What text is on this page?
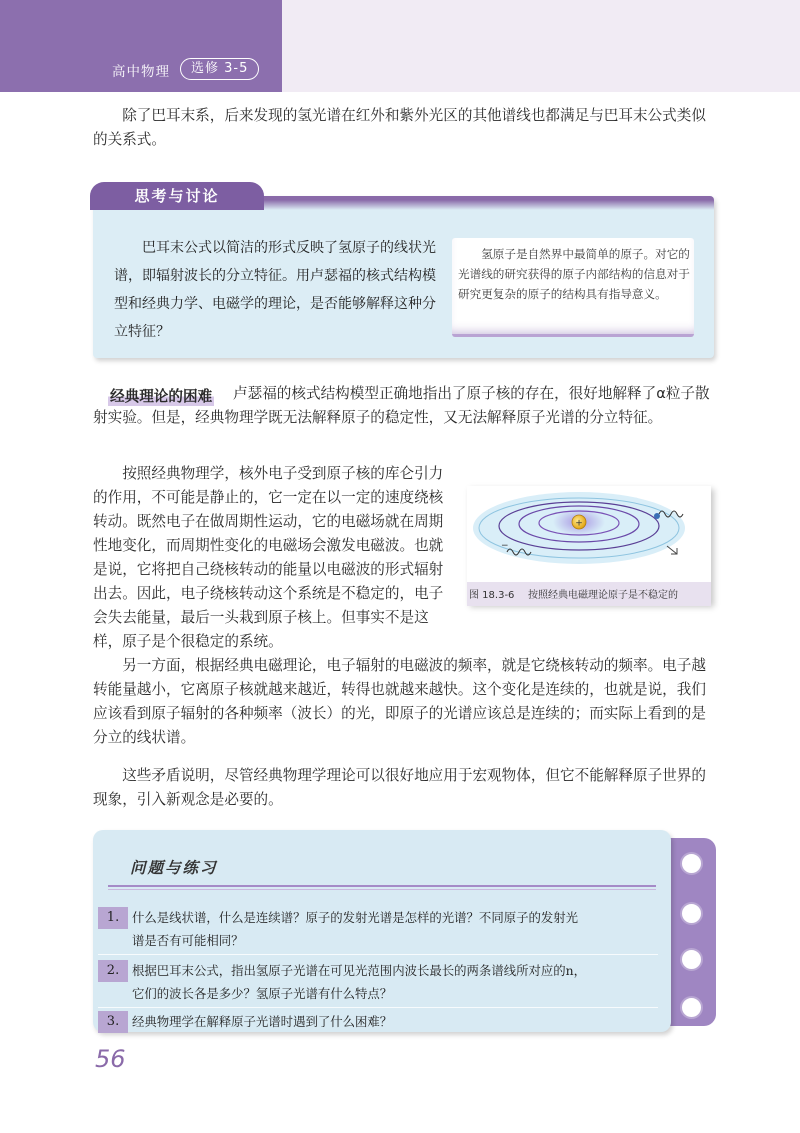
高中物理	选修 3-5
除了巴耳末系，后来发现的氢光谱在红外和紫外光区的其他谱线也都满足与巴耳末公式类似的关系式。
思考与讨论
巴耳末公式以简洁的形式反映了氢原子的线状光谱，即辐射波长的分立特征。用卢瑟福的核式结构模型和经典力学、电磁学的理论，是否能够解释这种分立特征？
氢原子是自然界中最简单的原子。对它的光谱线的研究获得的原子内部结构的信息对于研究更复杂的原子的结构具有指导意义。
卢瑟福的核式结构模型正确地指出了原子核的存在，很好地解释了α粒子散射实验。但是，经典物理学既无法解释原子的稳定性，又无法解释原子光谱的分立特征。
经典理论的困难
按照经典物理学，核外电子受到原子核的库仑引力的作用，不可能是静止的，它一定在以一定的速度绕核转动。既然电子在做周期性运动，它的电磁场就在周期性地变化，而周期性变化的电磁场会激发电磁波。也就是说，它将把自己绕核转动的能量以电磁波的形式辐射出去。因此，电子绕核转动这个系统是不稳定的，电子会失去能量，最后一头栽到原子核上。但事实不是这样，原子是个很稳定的系统。
+
−
图 18.3-6 按照经典电磁理论原子是不稳定的
另一方面，根据经典电磁理论，电子辐射的电磁波的频率，就是它绕核转动的频率。电子越转能量越小，它离原子核就越来越近，转得也就越来越快。这个变化是连续的，也就是说，我们应该看到原子辐射的各种频率（波长）的光，即原子的光谱应该总是连续的；而实际上看到的是分立的线状谱。
这些矛盾说明，尽管经典物理学理论可以很好地应用于宏观物体，但它不能解释原子世界的现象，引入新观念是必要的。
问题与练习
1.	什么是线状谱，什么是连续谱？原子的发射光谱是怎样的光谱？不同原子的发射光
谱是否有可能相同？
2.	根据巴耳末公式，指出氢原子光谱在可见光范围内波长最长的两条谱线所对应的n，
它们的波长各是多少？氢原子光谱有什么特点？
3.	经典物理学在解释原子光谱时遇到了什么困难？
56
